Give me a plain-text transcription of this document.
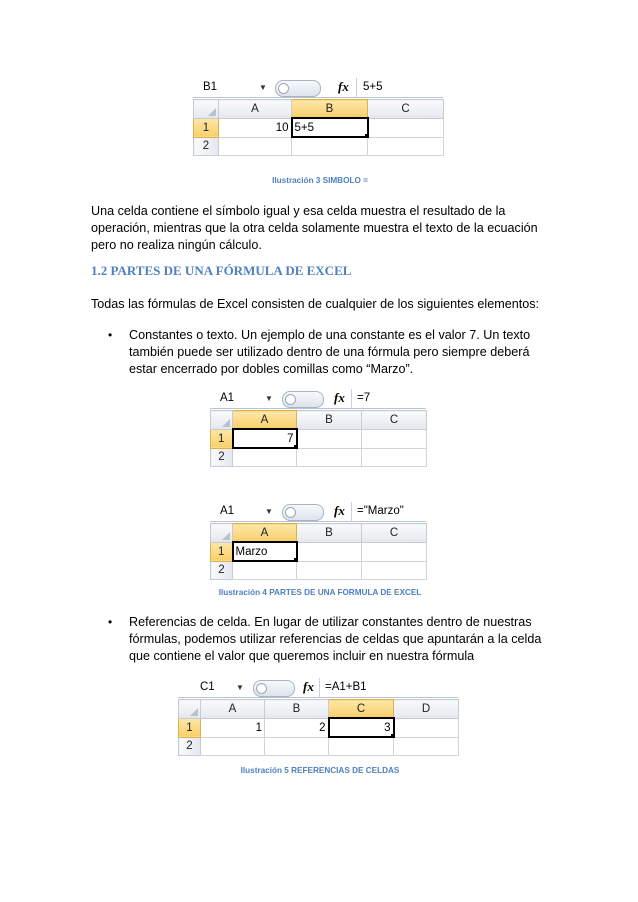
B1	▼	fx 5+5
	A	B	C
1	10	5+5	
2			

Ilustración 3 SIMBOLO =

Una celda contiene el símbolo igual y esa celda muestra el resultado de la operación, mientras que la otra celda solamente muestra el texto de la ecuación pero no realiza ningún cálculo.

1.2 PARTES DE UNA FÓRMULA DE EXCEL

Todas las fórmulas de Excel consisten de cualquier de los siguientes elementos:

• Constantes o texto. Un ejemplo de una constante es el valor 7. Un texto también puede ser utilizado dentro de una fórmula pero siempre deberá estar encerrado por dobles comillas como “Marzo”.

A1	▼	fx =7
	A	B	C
1	7		
2			
A1	▼	fx ="Marzo"
	A	B	C
1	Marzo		
2			

Ilustración 4 PARTES DE UNA FORMULA DE EXCEL

• Referencias de celda. En lugar de utilizar constantes dentro de nuestras fórmulas, podemos utilizar referencias de celdas que apuntarán a la celda que contiene el valor que queremos incluir en nuestra fórmula

C1	▼	fx =A1+B1
	A	B	C	D
1	1	2	3	
2				

Ilustración 5 REFERENCIAS DE CELDAS
